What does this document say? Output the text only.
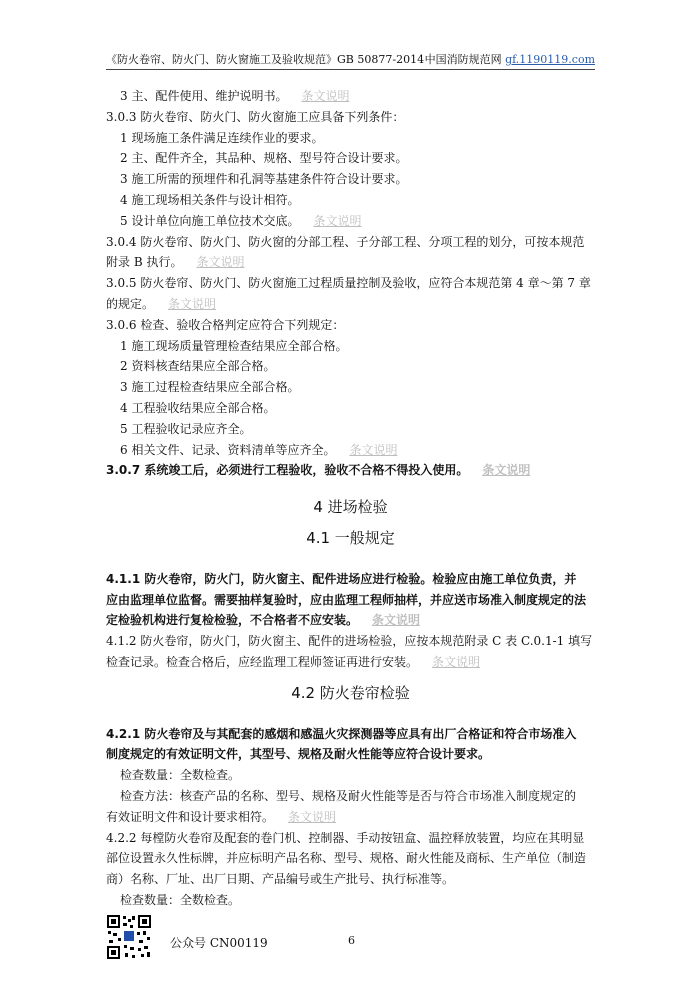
《防火卷帘、防火门、防火窗施工及验收规范》GB 50877-2014 中国消防规范网 gf.1190119.com

3 主、配件使用、维护说明书。 条文说明

3.0.3 防火卷帘、防火门、防火窗施工应具备下列条件：

1 现场施工条件满足连续作业的要求。

2 主、配件齐全，其品种、规格、型号符合设计要求。

3 施工所需的预埋件和孔洞等基建条件符合设计要求。

4 施工现场相关条件与设计相符。

5 设计单位向施工单位技术交底。 条文说明

3.0.4 防火卷帘、防火门、防火窗的分部工程、子分部工程、分项工程的划分，可按本规范

附录 B 执行。 条文说明

3.0.5 防火卷帘、防火门、防火窗施工过程质量控制及验收，应符合本规范第 4 章～第 7 章

的规定。 条文说明

3.0.6 检查、验收合格判定应符合下列规定：

1 施工现场质量管理检查结果应全部合格。

2 资料核查结果应全部合格。

3 施工过程检查结果应全部合格。

4 工程验收结果应全部合格。

5 工程验收记录应齐全。

6 相关文件、记录、资料清单等应齐全。 条文说明

3.0.7 系统竣工后，必须进行工程验收，验收不合格不得投入使用。 条文说明

4 进场检验

4.1 一般规定

4.1.1 防火卷帘，防火门，防火窗主、配件进场应进行检验。检验应由施工单位负责，并

应由监理单位监督。需要抽样复验时，应由监理工程师抽样，并应送市场准入制度规定的法

定检验机构进行复检检验，不合格者不应安装。 条文说明

4.1.2 防火卷帘，防火门，防火窗主、配件的进场检验，应按本规范附录 C 表 C.0.1-1 填写

检查记录。检查合格后，应经监理工程师签证再进行安装。 条文说明

4.2 防火卷帘检验

4.2.1 防火卷帘及与其配套的感烟和感温火灾探测器等应具有出厂合格证和符合市场准入

制度规定的有效证明文件，其型号、规格及耐火性能等应符合设计要求。

检查数量：全数检查。

检查方法：核查产品的名称、型号、规格及耐火性能等是否与符合市场准入制度规定的

有效证明文件和设计要求相符。 条文说明

4.2.2 每樘防火卷帘及配套的卷门机、控制器、手动按钮盒、温控释放装置，均应在其明显

部位设置永久性标牌，并应标明产品名称、型号、规格、耐火性能及商标、生产单位（制造

商）名称、厂址、出厂日期、产品编号或生产批号、执行标准等。

检查数量：全数检查。

公众号 CN00119	6
